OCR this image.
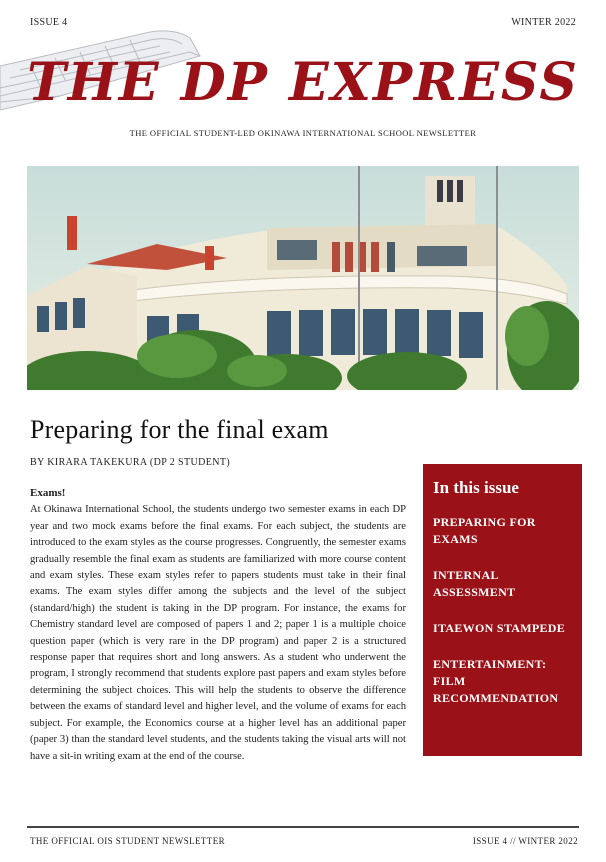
ISSUE 4	WINTER 2022
THE DP EXPRESS
THE OFFICIAL STUDENT-LED OKINAWA INTERNATIONAL SCHOOL NEWSLETTER
Preparing for the final exam
BY KIRARA TAKEKURA (DP 2 STUDENT)
Exams!

At Okinawa International School, the students undergo two semester exams in each DP year and two mock exams before the final exams. For each subject, the students are introduced to the exam styles as the course progresses. Congruently, the semester exams gradually resemble the final exam as students are familiarized with more course content and exam styles. These exam styles refer to papers students must take in their final exams. The exam styles differ among the subjects and the level of the subject (standard/high) the student is taking in the DP program. For instance, the exams for Chemistry standard level are composed of papers 1 and 2; paper 1 is a multiple choice question paper (which is very rare in the DP program) and paper 2 is a structured response paper that requires short and long answers. As a student who underwent the program, I strongly recommend that students explore past papers and exam styles before determining the subject choices. This will help the students to observe the difference between the exams of standard level and higher level, and the volume of exams for each subject. For example, the Economics course at a higher level has an additional paper (paper 3) than the standard level students, and the students taking the visual arts will not have a sit-in writing exam at the end of the course.

In this issue
PREPARING FOR EXAMS
INTERNAL ASSESSMENT
ITAEWON STAMPEDE
ENTERTAINMENT: FILM RECOMMENDATION
THE OFFICIAL OIS STUDENT NEWSLETTER	ISSUE 4 // WINTER 2022
